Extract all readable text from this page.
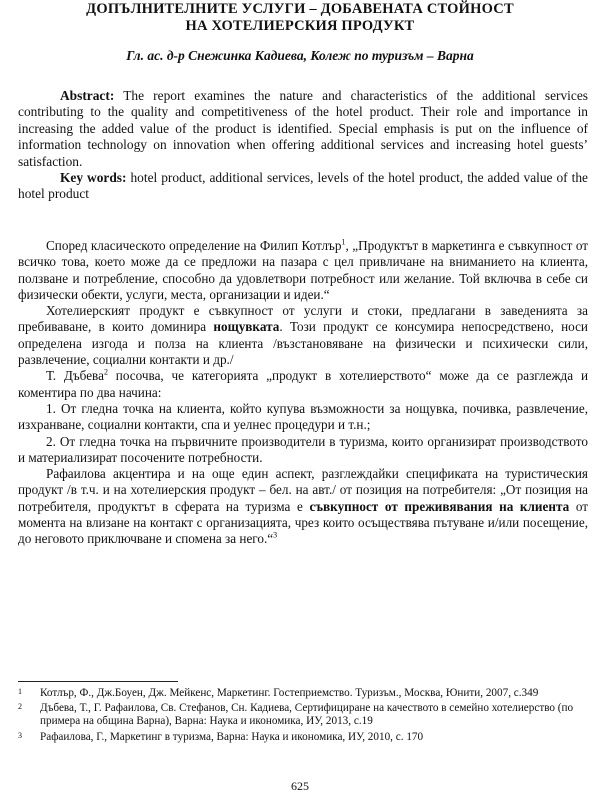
ДОПЪЛНИТЕЛНИТЕ УСЛУГИ – ДОБАВЕНАТА СТОЙНОСТ
НА ХОТЕЛИЕРСКИЯ ПРОДУКТ
Гл. ас. д-р Снежинка Кадиева, Колеж по туризъм – Варна

Abstract: The report examines the nature and characteristics of the additional services contributing to the quality and competitiveness of the hotel product. Their role and importance in increasing the added value of the product is identified. Special emphasis is put on the influence of information technology on innovation when offering additional services and increasing hotel guests’ satisfaction.

Key words: hotel product, additional services, levels of the hotel product, the added value of the hotel product

Според класическото определение на Филип Котлър$^1$, „Продуктът в маркетинга е съвкупност от всичко това, което може да се предложи на пазара с цел привличане на вниманието на клиента, ползване и потребление, способно да удовлетвори потребност или желание. Той включва в себе си физически обекти, услуги, места, организации и идеи.“

Хотелиерският продукт е съвкупност от услуги и стоки, предлагани в заведенията за пребиваване, в които доминира нощувката. Този продукт се консумира непосредствено, носи определена изгода и полза на клиента /възстановяване на физически и психически сили, развлечение, социални контакти и др./

Т. Дъбева$^2$ посочва, че категорията „продукт в хотелиерството“ може да се разглежда и коментира по два начина:

1. От гледна точка на клиента, който купува възможности за нощувка, почивка, развлечение, изхранване, социални контакти, спа и уелнес процедури и т.н.;

2. От гледна точка на първичните производители в туризма, които организират производството и материализират посочените потребности.

Рафаилова акцентира и на още един аспект, разглеждайки спецификата на туристическия продукт /в т.ч. и на хотелиерския продукт – бел. на авт./ от позиция на потребителя: „От позиция на потребителя, продуктът в сферата на туризма е съвкупност от преживявания на клиента от момента на влизане на контакт с организацията, чрез които осъществява пътуване и/или посещение, до неговото приключване и спомена за него.“$^3$

1	Котлър, Ф., Дж.Боуен, Дж. Мейкенс, Маркетинг. Гостеприемство. Туризъм., Москва, Юнити, 2007, с.349
2	Дъбева, Т., Г. Рафаилова, Св. Стефанов, Сн. Кадиева, Сертифициране на качеството в семейно хотелиерство (по примера на община Варна), Варна: Наука и икономика, ИУ, 2013, с.19
3	Рафаилова, Г., Маркетинг в туризма, Варна: Наука и икономика, ИУ, 2010, с. 170
625
